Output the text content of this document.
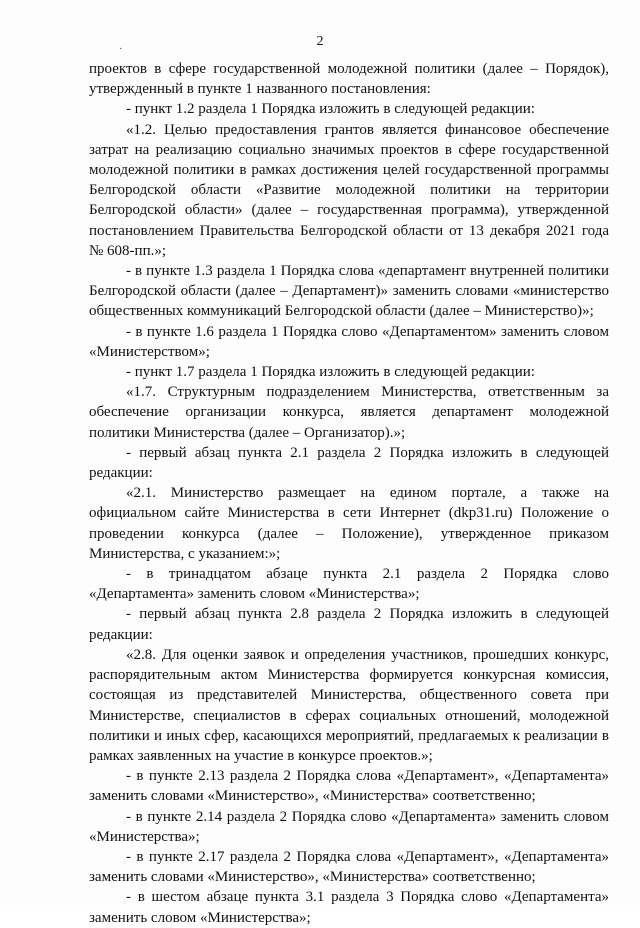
2
·

проектов в сфере государственной молодежной политики (далее – Порядок), утвержденный в пункте 1 названного постановления:

- пункт 1.2 раздела 1 Порядка изложить в следующей редакции:

«1.2. Целью предоставления грантов является финансовое обеспечение затрат на реализацию социально значимых проектов в сфере государственной молодежной политики в рамках достижения целей государственной программы Белгородской области «Развитие молодежной политики на территории Белгородской области» (далее – государственная программа), утвержденной постановлением Правительства Белгородской области от 13 декабря 2021 года № 608-пп.»;

- в пункте 1.3 раздела 1 Порядка слова «департамент внутренней политики Белгородской области (далее – Департамент)» заменить словами «министерство общественных коммуникаций Белгородской области (далее – Министерство)»;

- в пункте 1.6 раздела 1 Порядка слово «Департаментом» заменить словом «Министерством»;

- пункт 1.7 раздела 1 Порядка изложить в следующей редакции:

«1.7. Структурным подразделением Министерства, ответственным за обеспечение организации конкурса, является департамент молодежной политики Министерства (далее – Организатор).»;

- первый абзац пункта 2.1 раздела 2 Порядка изложить в следующей редакции:

«2.1. Министерство размещает на едином портале, а также на официальном сайте Министерства в сети Интернет (dkp31.ru) Положение о проведении конкурса (далее – Положение), утвержденное приказом Министерства, с указанием:»;

- в тринадцатом абзаце пункта 2.1 раздела 2 Порядка слово «Департамента» заменить словом «Министерства»;

- первый абзац пункта 2.8 раздела 2 Порядка изложить в следующей редакции:

«2.8. Для оценки заявок и определения участников, прошедших конкурс, распорядительным актом Министерства формируется конкурсная комиссия, состоящая из представителей Министерства, общественного совета при Министерстве, специалистов в сферах социальных отношений, молодежной политики и иных сфер, касающихся мероприятий, предлагаемых к реализации в рамках заявленных на участие в конкурсе проектов.»;

- в пункте 2.13 раздела 2 Порядка слова «Департамент», «Департамента» заменить словами «Министерство», «Министерства» соответственно;

- в пункте 2.14 раздела 2 Порядка слово «Департамента» заменить словом «Министерства»;

- в пункте 2.17 раздела 2 Порядка слова «Департамент», «Департамента» заменить словами «Министерство», «Министерства» соответственно;

- в шестом абзаце пункта 3.1 раздела 3 Порядка слово «Департамента» заменить словом «Министерства»;
